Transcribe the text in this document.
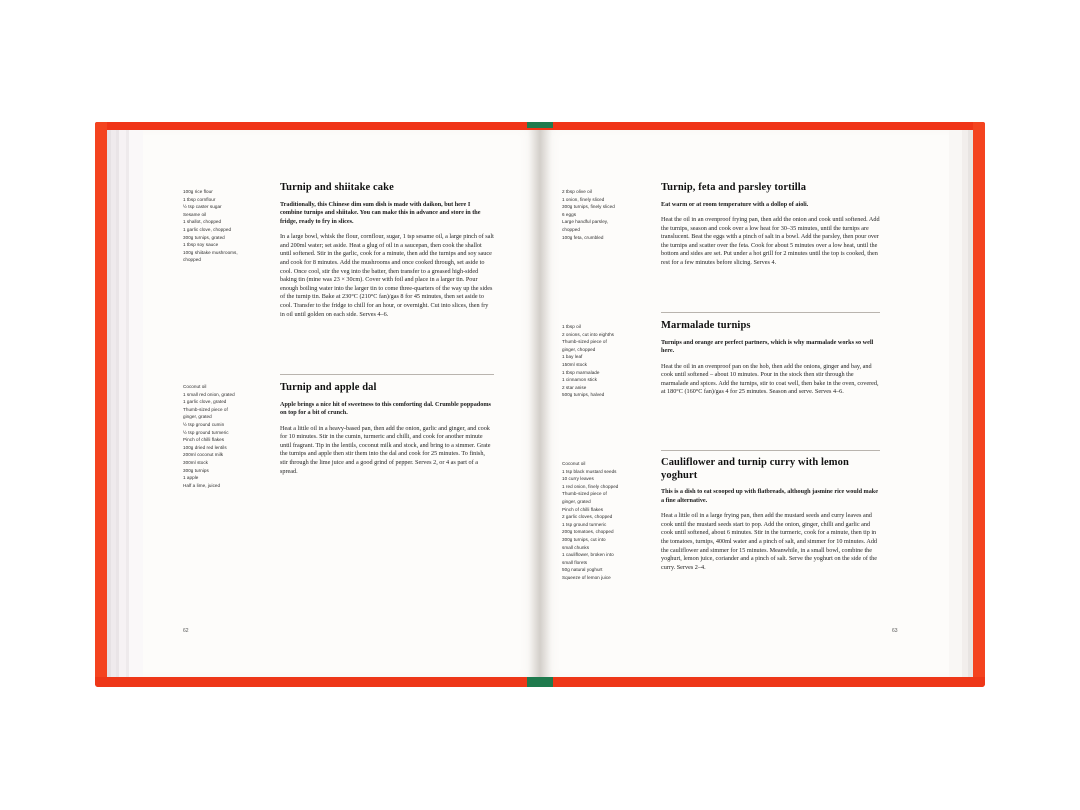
100g rice flour
1 tbsp cornflour
½ tsp caster sugar
Sesame oil
1 shallot, chopped
1 garlic clove, chopped
300g turnips, grated
1 tbsp soy sauce
100g shiitake mushrooms,
chopped
Turnip and shiitake cake

Traditionally, this Chinese dim sum dish is made with daikon, but here I combine turnips and shiitake. You can make this in advance and store in the fridge, ready to fry in slices.

In a large bowl, whisk the flour, cornflour, sugar, 1 tsp sesame oil, a large pinch of salt and 200ml water; set aside. Heat a glug of oil in a saucepan, then cook the shallot until softened. Stir in the garlic, cook for a minute, then add the turnips and soy sauce and cook for 8 minutes. Add the mushrooms and once cooked through, set aside to cool. Once cool, stir the veg into the batter, then transfer to a greased high-sided baking tin (mine was 23 × 30cm). Cover with foil and place in a larger tin. Pour enough boiling water into the larger tin to come three-quarters of the way up the sides of the turnip tin. Bake at 230°C (210°C fan)/gas 8 for 45 minutes, then set aside to cool. Transfer to the fridge to chill for an hour, or overnight. Cut into slices, then fry in oil until golden on each side. Serves 4–6.

Coconut oil
1 small red onion, grated
1 garlic clove, grated
Thumb-sized piece of
ginger, grated
½ tsp ground cumin
½ tsp ground turmeric
Pinch of chilli flakes
100g dried red lentils
200ml coconut milk
300ml stock
300g turnips
1 apple
Half a lime, juiced
Turnip and apple dal

Apple brings a nice hit of sweetness to this comforting dal. Crumble poppadoms on top for a bit of crunch.

Heat a little oil in a heavy-based pan, then add the onion, garlic and ginger, and cook for 10 minutes. Stir in the cumin, turmeric and chilli, and cook for another minute until fragrant. Tip in the lentils, coconut milk and stock, and bring to a simmer. Grate the turnips and apple then stir them into the dal and cook for 25 minutes. To finish, stir through the lime juice and a good grind of pepper. Serves 2, or 4 as part of a spread.

62
2 tbsp olive oil
1 onion, finely sliced
300g turnips, finely sliced
6 eggs
Large handful parsley,
chopped
100g feta, crumbled
Turnip, feta and parsley tortilla

Eat warm or at room temperature with a dollop of aioli.

Heat the oil in an ovenproof frying pan, then add the onion and cook until softened. Add the turnips, season and cook over a low heat for 30–35 minutes, until the turnips are translucent. Beat the eggs with a pinch of salt in a bowl. Add the parsley, then pour over the turnips and scatter over the feta. Cook for about 5 minutes over a low heat, until the bottom and sides are set. Put under a hot grill for 2 minutes until the top is cooked, then rest for a few minutes before slicing. Serves 4.

1 tbsp oil
2 onions, cut into eighths
Thumb-sized piece of
ginger, chopped
1 bay leaf
150ml stock
1 tbsp marmalade
1 cinnamon stick
2 star anise
500g turnips, halved
Marmalade turnips

Turnips and orange are perfect partners, which is why marmalade works so well here.

Heat the oil in an ovenproof pan on the hob, then add the onions, ginger and bay, and cook until softened – about 10 minutes. Pour in the stock then stir through the marmalade and spices. Add the turnips, stir to coat well, then bake in the oven, covered, at 180°C (160°C fan)/gas 4 for 25 minutes. Season and serve. Serves 4–6.

Coconut oil
1 tsp black mustard seeds
10 curry leaves
1 red onion, finely chopped
Thumb-sized piece of
ginger, grated
Pinch of chilli flakes
2 garlic cloves, chopped
1 tsp ground turmeric
200g tomatoes, chopped
300g turnips, cut into
small chunks
1 cauliflower, broken into
small florets
50g natural yoghurt
Squeeze of lemon juice
Cauliflower and turnip curry with lemon yoghurt

This is a dish to eat scooped up with flatbreads, although jasmine rice would make a fine alternative.

Heat a little oil in a large frying pan, then add the mustard seeds and curry leaves and cook until the mustard seeds start to pop. Add the onion, ginger, chilli and garlic and cook until softened, about 6 minutes. Stir in the turmeric, cook for a minute, then tip in the tomatoes, turnips, 400ml water and a pinch of salt, and simmer for 10 minutes. Add the cauliflower and simmer for 15 minutes. Meanwhile, in a small bowl, combine the yoghurt, lemon juice, coriander and a pinch of salt. Serve the yoghurt on the side of the curry. Serves 2–4.

63
